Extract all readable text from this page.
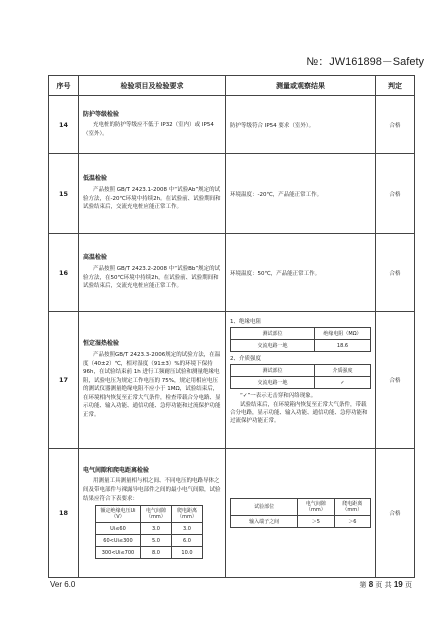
№：JW161898－Safety
序号	检验项目及检验要求	测量或观察结果	判定
14	
防护等级检验
充电桩的防护等级应不低于 IP32（室内）或 IP54（室外）。
	防护等级符合 IP54 要求（室外）。	合格
15	
低温检验
产品按照 GB/T 2423.1-2008 中“试验Ab”规定的试验方法，在-20℃环境中持续2h。在试验前、试验期间和试验结束后，交流充电桩应能正常工作。
	环境温度：-20℃，产品能正常工作。	合格
16	
高温检验
产品按照 GB/T 2423.2-2008 中“试验Bb”规定的试验方法，在50℃环境中持续2h，在试验前、试验期间和试验结束后，交流充电桩应能正常工作。
	环境温度：50℃，产品能正常工作。	合格
17	
恒定湿热检验
产品按照GB/T 2423.3-2006规定的试验方法，在温度（40±2）℃，相对湿度（91±3）%的环境下保持 96h，在试验结束前 1h 进行工频耐压试验和测量绝缘电阻，试验电压为规定工作电压的 75%，规定用相应电压的测试仪器测量绝缘电阻不应小于 1MΩ，试验结束后，在环境相内恢复至正常大气条件，检查带载合分电路、显示功能、输入功能、通信功能、急停功能和过流保护功能正常。

1、绝缘电阻
测试部位	绝缘电阻（MΩ）
交流电路一地	18.6
2、介质强度
测试部位	介质强度
交流电路一地	✓
“✓”一表示无击穿和闪络现象。
试验结束后，在环境箱内恢复至正常大气条件，带载合分电路，显示功能、输入功能、通信功能、急停功能和过流保护功能正常。
	合格
18	
电气间隙和爬电距离检验
用测量工具测量相与相之间、不同电压的电路导体之间及带电部件与裸露导电部件之间的最小电气间隙，试验结果应符合下表要求：
额定绝缘电压Ui（V）	电气间隙（mm）	爬电距离（mm）
Ui≤60	3.0	3.0
60<Ui≤300	5.0	6.0
300<Ui≤700	8.0	10.0

试验部位	电气间隙（mm）	爬电距离（mm）
输入端子之间	＞5	＞6
	合格
Ver 6.0	第 8 页 共 19 页
